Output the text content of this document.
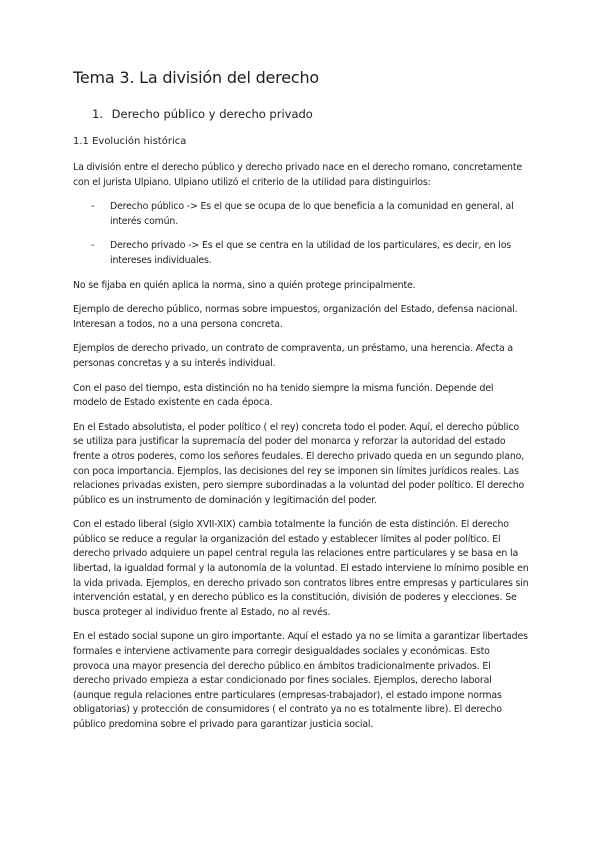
Tema 3. La división del derecho
1. Derecho público y derecho privado
1.1 Evolución histórica

La división entre el derecho público y derecho privado nace en el derecho romano, concretamente con el jurista Ulpiano. Ulpiano utilizó el criterio de la utilidad para distinguirlos:

- Derecho público -> Es el que se ocupa de lo que beneficia a la comunidad en general, al interés común.
- Derecho privado -> Es el que se centra en la utilidad de los particulares, es decir, en los intereses individuales.

No se fijaba en quién aplica la norma, sino a quién protege principalmente.

Ejemplo de derecho público, normas sobre impuestos, organización del Estado, defensa nacional. Interesan a todos, no a una persona concreta.

Ejemplos de derecho privado, un contrato de compraventa, un préstamo, una herencia. Afecta a personas concretas y a su interés individual.

Con el paso del tiempo, esta distinción no ha tenido siempre la misma función. Depende del modelo de Estado existente en cada época.

En el Estado absolutista, el poder político ( el rey) concreta todo el poder. Aquí, el derecho público se utiliza para justificar la supremacía del poder del monarca y reforzar la autoridad del estado frente a otros poderes, como los señores feudales. El derecho privado queda en un segundo plano, con poca importancia. Ejemplos, las decisiones del rey se imponen sin límites jurídicos reales. Las relaciones privadas existen, pero siempre subordinadas a la voluntad del poder político. El derecho público es un instrumento de dominación y legitimación del poder.

Con el estado liberal (siglo XVII-XIX) cambia totalmente la función de esta distinción. El derecho público se reduce a regular la organización del estado y establecer límites al poder político. El derecho privado adquiere un papel central regula las relaciones entre particulares y se basa en la libertad, la igualdad formal y la autonomía de la voluntad. El estado interviene lo mínimo posible en la vida privada. Ejemplos, en derecho privado son contratos libres entre empresas y particulares sin intervención estatal, y en derecho público es la constitución, división de poderes y elecciones. Se busca proteger al individuo frente al Estado, no al revés.

En el estado social supone un giro importante. Aquí el estado ya no se limita a garantizar libertades formales e interviene activamente para corregir desigualdades sociales y económicas. Esto provoca una mayor presencia del derecho público en ámbitos tradicionalmente privados. El derecho privado empieza a estar condicionado por fines sociales. Ejemplos, derecho laboral (aunque regula relaciones entre particulares (empresas-trabajador), el estado impone normas obligatorias) y protección de consumidores ( el contrato ya no es totalmente libre). El derecho público predomina sobre el privado para garantizar justicia social.
